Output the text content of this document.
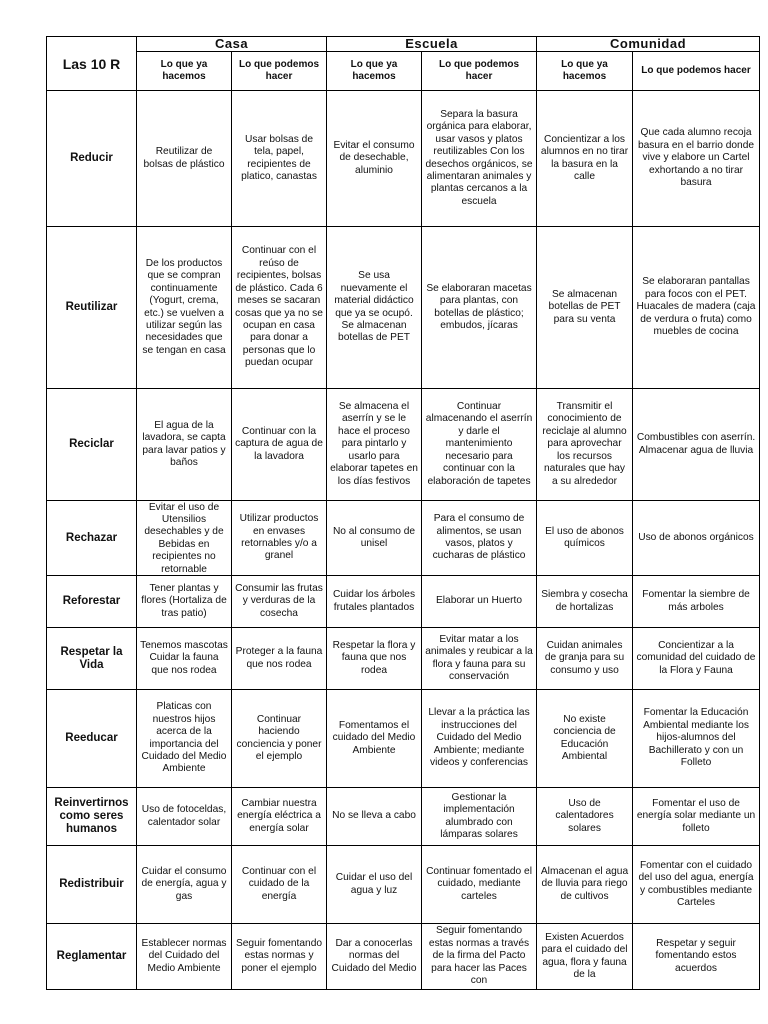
Las 10 R	Casa		Escuela		Comunidad	
	Lo que ya hacemos	Lo que podemos hacer	Lo que ya hacemos	Lo que podemos hacer	Lo que ya hacemos	Lo que podemos hacer
Reducir	Reutilizar de bolsas de plástico	Usar bolsas de tela, papel, recipientes de platico, canastas	Evitar el consumo de desechable, aluminio	Separa la basura orgánica para elaborar, usar vasos y platos reutilizables Con los desechos orgánicos, se alimentaran animales y plantas cercanos a la escuela	Concientizar a los alumnos en no tirar la basura en la calle	Que cada alumno recoja basura en el barrio donde vive y elabore un Cartel exhortando a no tirar basura

Reutilizar	De los productos que se compran continuamente (Yogurt, crema, etc.) se vuelven a utilizar según las necesidades que se tengan en casa	Continuar con el reúso de recipientes, bolsas de plástico. Cada 6 meses se sacaran cosas que ya no se ocupan en casa para donar a personas que lo puedan ocupar	Se usa nuevamente el material didáctico que ya se ocupó. Se almacenan botellas de PET	Se elaboraran macetas para plantas, con botellas de plástico; embudos, jícaras	Se almacenan botellas de PET para su venta	Se elaboraran pantallas para focos con el PET. Huacales de madera (caja de verdura o fruta) como muebles de cocina

Reciclar	El agua de la lavadora, se capta para lavar patios y baños	Continuar con la captura de agua de la lavadora	Se almacena el aserrín y se le hace el proceso para pintarlo y usarlo para elaborar tapetes en los días festivos	Continuar almacenando el aserrín y darle el mantenimiento necesario para continuar con la elaboración de tapetes	Transmitir el conocimiento de reciclaje al alumno para aprovechar los recursos naturales que hay a su alrededor	Combustibles con aserrín. Almacenar agua de lluvia

Rechazar	Evitar el uso de Utensilios desechables y de Bebidas en recipientes no retornable	Utilizar productos en envases retornables y/o a granel	No al consumo de unisel	Para el consumo de alimentos, se usan vasos, platos y cucharas de plástico	El uso de abonos químicos	Uso de abonos orgánicos

Reforestar	Tener plantas y flores (Hortaliza de tras patio)	Consumir las frutas y verduras de la cosecha	Cuidar los árboles frutales plantados	Elaborar un Huerto	Siembra y cosecha de hortalizas	Fomentar la siembre de más arboles

Respetar la Vida	Tenemos mascotas Cuidar la fauna que nos rodea	Proteger a la fauna que nos rodea	Respetar la flora y fauna que nos rodea	Evitar matar a los animales y reubicar a la flora y fauna para su conservación	Cuidan animales de granja para su consumo y uso	Concientizar a la comunidad del cuidado de la Flora y Fauna

Reeducar	Platicas con nuestros hijos acerca de la importancia del Cuidado del Medio Ambiente	Continuar haciendo conciencia y poner el ejemplo	Fomentamos el cuidado del Medio Ambiente	Llevar a la práctica las instrucciones del Cuidado del Medio Ambiente; mediante videos y conferencias	No existe conciencia de Educación Ambiental	Fomentar la Educación Ambiental mediante los hijos-alumnos del Bachillerato y con un Folleto

Reinvertirnos como seres humanos	Uso de fotoceldas, calentador solar	Cambiar nuestra energía eléctrica a energía solar	No se lleva a cabo	Gestionar la implementación alumbrado con lámparas solares	Uso de calentadores solares	Fomentar el uso de energía solar mediante un folleto

Redistribuir	Cuidar el consumo de energía, agua y gas	Continuar con el cuidado de la energía	Cuidar el uso del agua y luz	Continuar fomentado el cuidado, mediante carteles	Almacenan el agua de lluvia para riego de cultivos	Fomentar con el cuidado del uso del agua, energía y combustibles mediante Carteles

Reglamentar	Establecer normas del Cuidado del Medio Ambiente	Seguir fomentando estas normas y poner el ejemplo	Dar a conocerlas normas del Cuidado del Medio	Seguir fomentando estas normas a través de la firma del Pacto para hacer las Paces con	Existen Acuerdos para el cuidado del agua, flora y fauna de la	Respetar y seguir fomentando estos acuerdos
